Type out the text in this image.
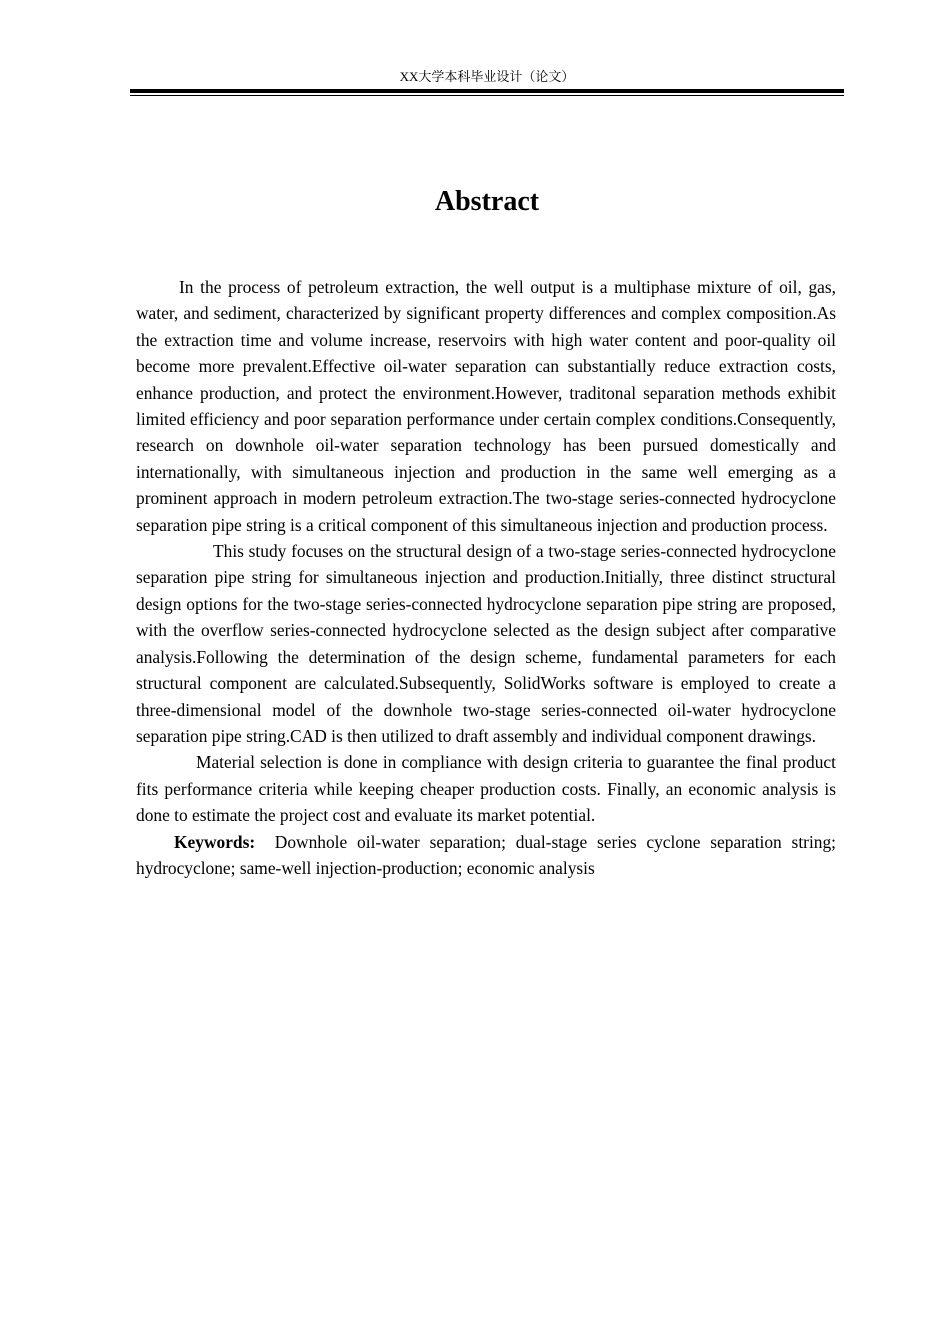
XX大学本科毕业设计（论文）
Abstract

In the process of petroleum extraction, the well output is a multiphase mixture of oil, gas, water, and sediment, characterized by significant property differences and complex composition.As the extraction time and volume increase, reservoirs with high water content and poor-quality oil become more prevalent.Effective oil-water separation can substantially reduce extraction costs, enhance production, and protect the environment.However, traditonal separation methods exhibit limited efficiency and poor separation performance under certain complex conditions.Consequently, research on downhole oil-water separation technology has been pursued domestically and internationally, with simultaneous injection and production in the same well emerging as a prominent approach in modern petroleum extraction.The two-stage series-connected hydrocyclone separation pipe string is a critical component of this simultaneous injection and production process.

This study focuses on the structural design of a two-stage series-connected hydrocyclone separation pipe string for simultaneous injection and production.Initially, three distinct structural design options for the two-stage series-connected hydrocyclone separation pipe string are proposed, with the overflow series-connected hydrocyclone selected as the design subject after comparative analysis.Following the determination of the design scheme, fundamental parameters for each structural component are calculated.Subsequently, SolidWorks software is employed to create a three-dimensional model of the downhole two-stage series-connected oil-water hydrocyclone separation pipe string.CAD is then utilized to draft assembly and individual component drawings.

Material selection is done in compliance with design criteria to guarantee the final product fits performance criteria while keeping cheaper production costs. Finally, an economic analysis is done to estimate the project cost and evaluate its market potential.

Keywords: Downhole oil-water separation; dual-stage series cyclone separation string; hydrocyclone; same-well injection-production; economic analysis
